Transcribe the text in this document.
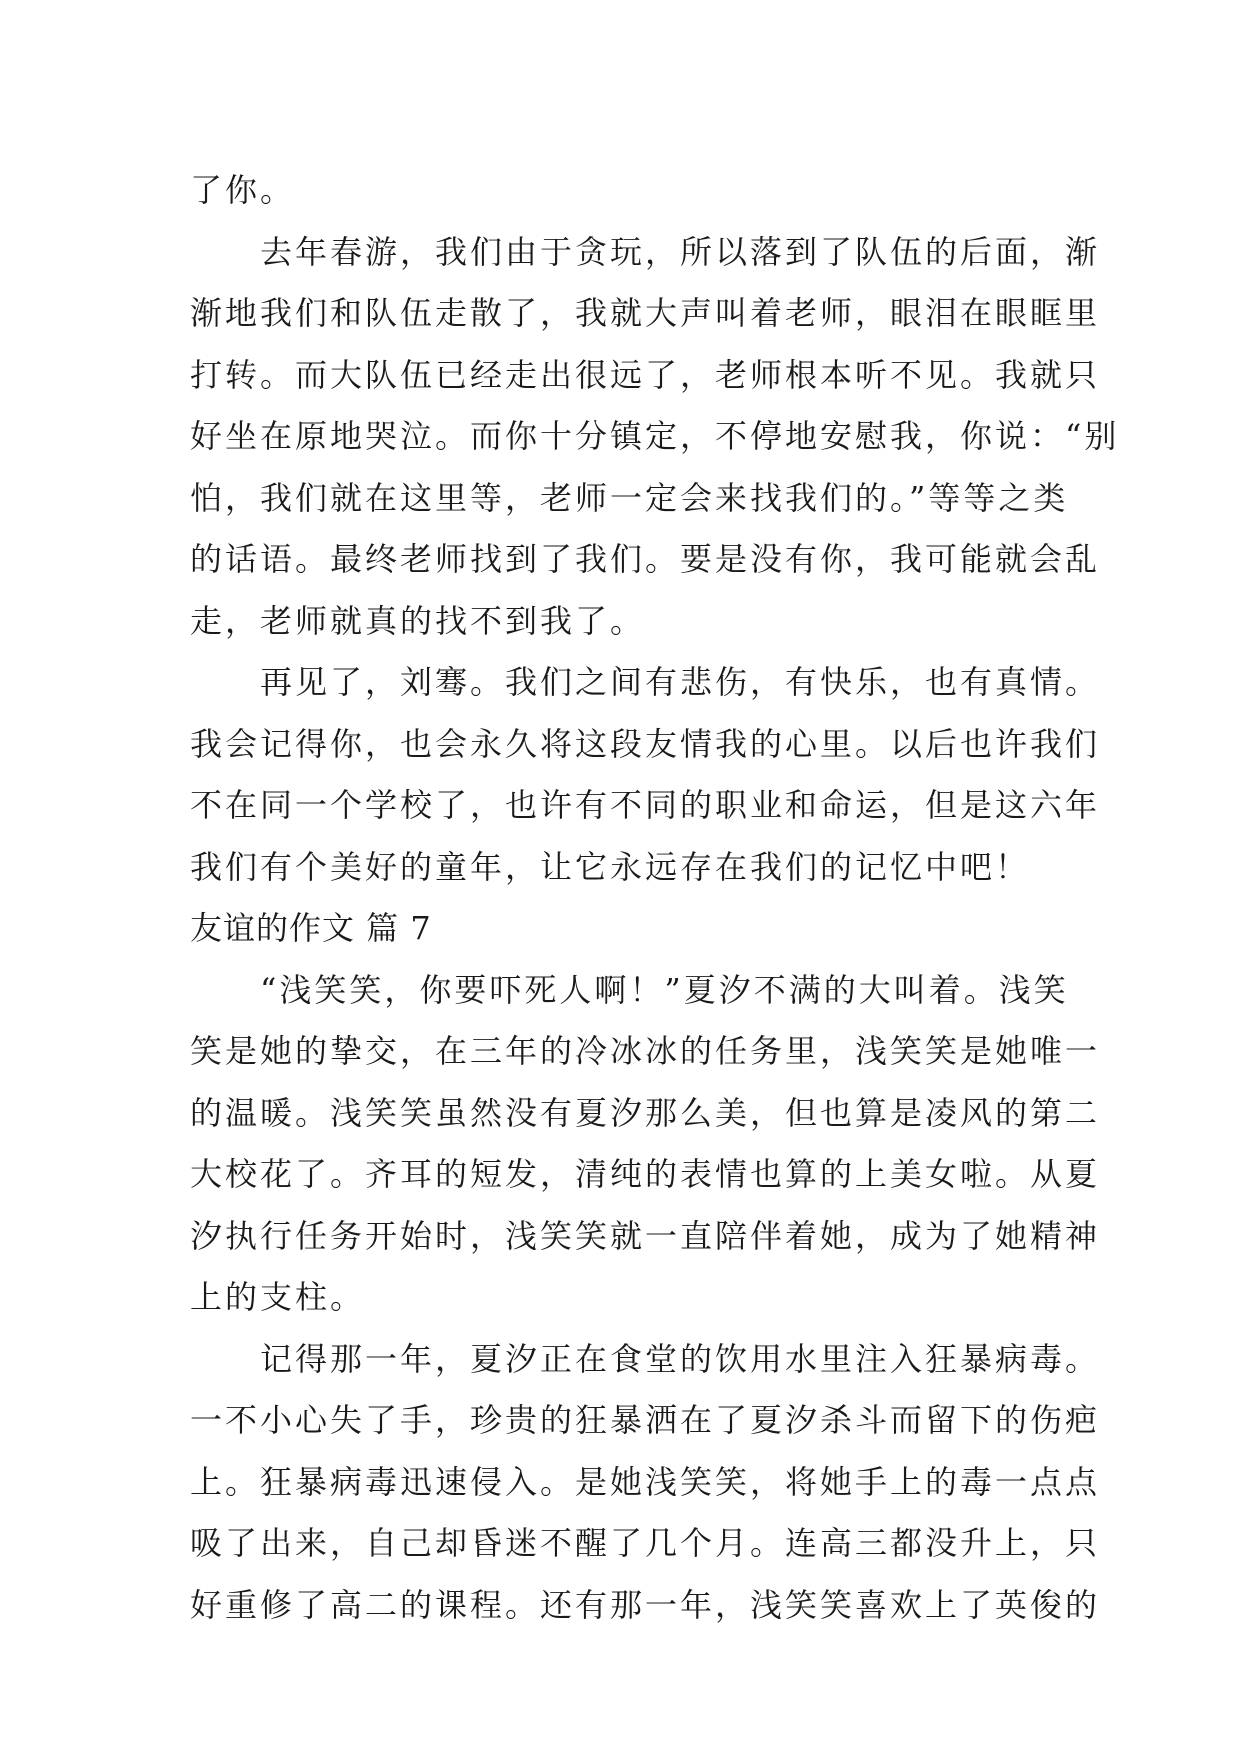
了你。
去年春游，我们由于贪玩，所以落到了队伍的后面，渐
渐地我们和队伍走散了，我就大声叫着老师，眼泪在眼眶里
打转。而大队伍已经走出很远了，老师根本听不见。我就只
好坐在原地哭泣。而你十分镇定，不停地安慰我，你说：“别
怕，我们就在这里等，老师一定会来找我们的。”等等之类
的话语。最终老师找到了我们。要是没有你，我可能就会乱
走，老师就真的找不到我了。
再见了，刘骞。我们之间有悲伤，有快乐，也有真情。
我会记得你，也会永久将这段友情我的心里。以后也许我们
不在同一个学校了，也许有不同的职业和命运，但是这六年
我们有个美好的童年，让它永远存在我们的记忆中吧！
友谊的作文 篇 7
“浅笑笑，你要吓死人啊！”夏汐不满的大叫着。浅笑
笑是她的挚交，在三年的冷冰冰的任务里，浅笑笑是她唯一
的温暖。浅笑笑虽然没有夏汐那么美，但也算是凌风的第二
大校花了。齐耳的短发，清纯的表情也算的上美女啦。从夏
汐执行任务开始时，浅笑笑就一直陪伴着她，成为了她精神
上的支柱。
记得那一年，夏汐正在食堂的饮用水里注入狂暴病毒。
一不小心失了手，珍贵的狂暴洒在了夏汐杀斗而留下的伤疤
上。狂暴病毒迅速侵入。是她浅笑笑，将她手上的毒一点点
吸了出来，自己却昏迷不醒了几个月。连高三都没升上，只
好重修了高二的课程。还有那一年，浅笑笑喜欢上了英俊的
